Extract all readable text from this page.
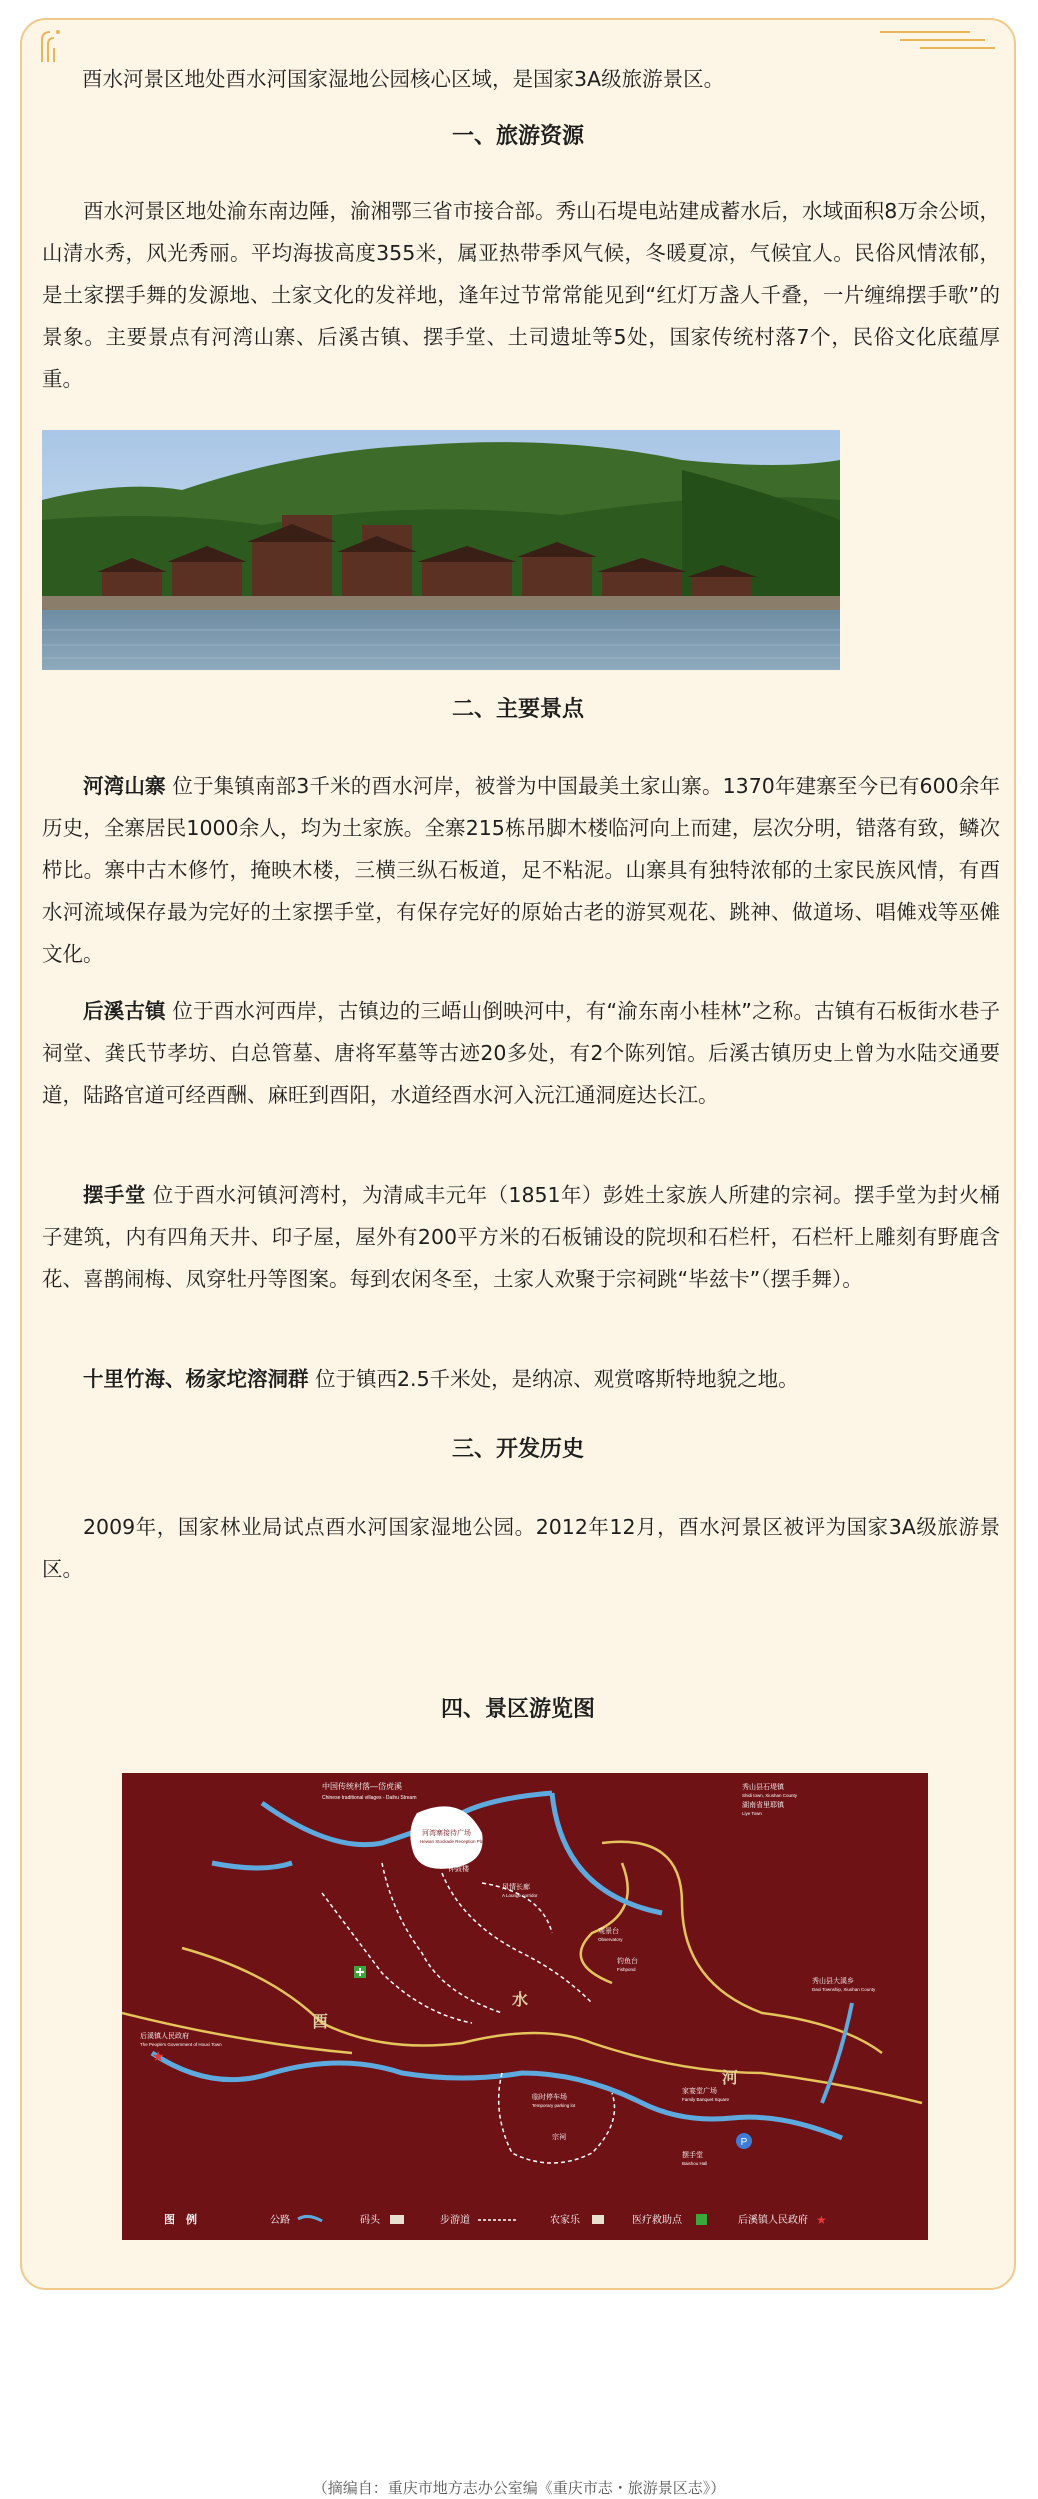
酉水河景区地处酉水河国家湿地公园核心区域，是国家3A级旅游景区。

一、旅游资源

酉水河景区地处渝东南边陲，渝湘鄂三省市接合部。秀山石堤电站建成蓄水后，水域面积8万余公顷，山清水秀，风光秀丽。平均海拔高度355米，属亚热带季风气候，冬暖夏凉，气候宜人。民俗风情浓郁，是土家摆手舞的发源地、土家文化的发祥地，逢年过节常常能见到“红灯万盏人千叠，一片缠绵摆手歌”的景象。主要景点有河湾山寨、后溪古镇、摆手堂、土司遗址等5处，国家传统村落7个，民俗文化底蕴厚重。

二、主要景点

河湾山寨 位于集镇南部3千米的酉水河岸，被誉为中国最美土家山寨。1370年建寨至今已有600余年历史，全寨居民1000余人，均为土家族。全寨215栋吊脚木楼临河向上而建，层次分明，错落有致，鳞次栉比。寨中古木修竹，掩映木楼，三横三纵石板道，足不粘泥。山寨具有独特浓郁的土家民族风情，有酉水河流域保存最为完好的土家摆手堂，有保存完好的原始古老的游冥观花、跳神、做道场、唱傩戏等巫傩文化。

后溪古镇 位于酉水河西岸，古镇边的三峿山倒映河中，有“渝东南小桂林”之称。古镇有石板街水巷子祠堂、龚氏节孝坊、白总管墓、唐将军墓等古迹20多处，有2个陈列馆。后溪古镇历史上曾为水陆交通要道，陆路官道可经酉酬、麻旺到酉阳，水道经酉水河入沅江通洞庭达长江。

摆手堂 位于酉水河镇河湾村，为清咸丰元年（1851年）彭姓土家族人所建的宗祠。摆手堂为封火桶子建筑，内有四角天井、印子屋，屋外有200平方米的石板铺设的院坝和石栏杆，石栏杆上雕刻有野鹿含花、喜鹊闹梅、凤穿牡丹等图案。每到农闲冬至，土家人欢聚于宗祠跳“毕兹卡”（摆手舞）。

十里竹海、杨家坨溶洞群 位于镇西2.5千米处，是纳凉、观赏喀斯特地貌之地。

三、开发历史

2009年，国家林业局试点酉水河国家湿地公园。2012年12月，酉水河景区被评为国家3A级旅游景区。

四、景区游览图
P
★
中国传统村落—岱虎溪
Chinese traditional villages - Daihu Stream
河湾寨接待广场
Hewan Stockade Reception Plaza
钟鼓楼
风情长廊
A Lounge corridor
观景台
Observatory
钓鱼台
Fishpond
秀山县石堤镇
Shidi town, Xiushan County
湖南省里耶镇
Liye Town
秀山县大溪乡
Daxi Township, Xiushan County
后溪镇人民政府
The People's Government of Houxi Town
临时停车场
Temporary parking lot
家宴堂广场
Family Banquet Square
宗祠
摆手堂
Baishou Hall
酉
水
河
图　例	公路	码头	步游道	农家乐	医疗救助点	后溪镇人民政府 ★
（摘编自：重庆市地方志办公室编《重庆市志・旅游景区志》）
